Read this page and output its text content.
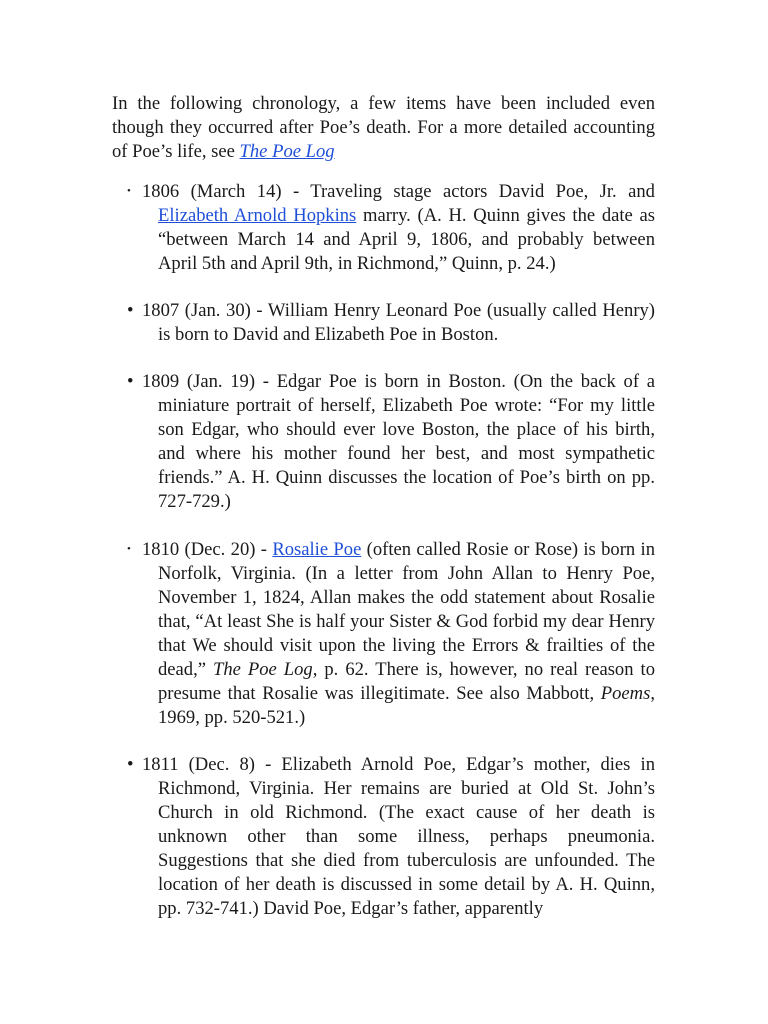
In the following chronology, a few items have been included even though they occurred after Poe’s death. For a more detailed accounting of Poe’s life, see The Poe Log

• 1806 (March 14) - Traveling stage actors David Poe, Jr. and Elizabeth Arnold Hopkins marry. (A. H. Quinn gives the date as “between March 14 and April 9, 1806, and probably between April 5th and April 9th, in Richmond,” Quinn, p. 24.)

• 1807 (Jan. 30) - William Henry Leonard Poe (usually called Henry) is born to David and Elizabeth Poe in Boston.

• 1809 (Jan. 19) - Edgar Poe is born in Boston. (On the back of a miniature portrait of herself, Elizabeth Poe wrote: “For my little son Edgar, who should ever love Boston, the place of his birth, and where his mother found her best, and most sympathetic friends.” A. H. Quinn discusses the location of Poe’s birth on pp. 727-729.)

• 1810 (Dec. 20) - Rosalie Poe (often called Rosie or Rose) is born in Norfolk, Virginia. (In a letter from John Allan to Henry Poe, November 1, 1824, Allan makes the odd statement about Rosalie that, “At least She is half your Sister & God forbid my dear Henry that We should visit upon the living the Errors & frailties of the dead,” The Poe Log, p. 62. There is, however, no real reason to presume that Rosalie was illegitimate. See also Mabbott, Poems, 1969, pp. 520-521.)

• 1811 (Dec. 8) - Elizabeth Arnold Poe, Edgar’s mother, dies in Richmond, Virginia. Her remains are buried at Old St. John’s Church in old Richmond. (The exact cause of her death is unknown other than some illness, perhaps pneumonia. Suggestions that she died from tuberculosis are unfounded. The location of her death is discussed in some detail by A. H. Quinn, pp. 732-741.) David Poe, Edgar’s father, apparently
